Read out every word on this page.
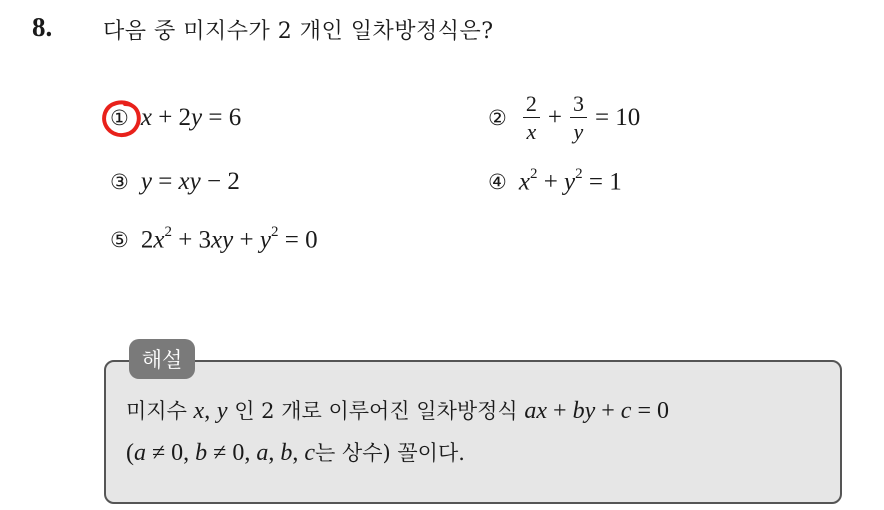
8. 다음 중 미지수가 2 개인 일차방정식은?
① x + 2y = 6	② $\frac{2}{x} + \frac{3}{y} = 10$
③ y = xy − 2	④ $x^2 + y^2 = 1$
⑤ $2x^2 + 3xy + y^2 = 0$
해설
미지수 x, y 인 2 개로 이루어진 일차방정식 ax + by + c = 0
(a ≠ 0, b ≠ 0, a, b, c는 상수) 꼴이다.
